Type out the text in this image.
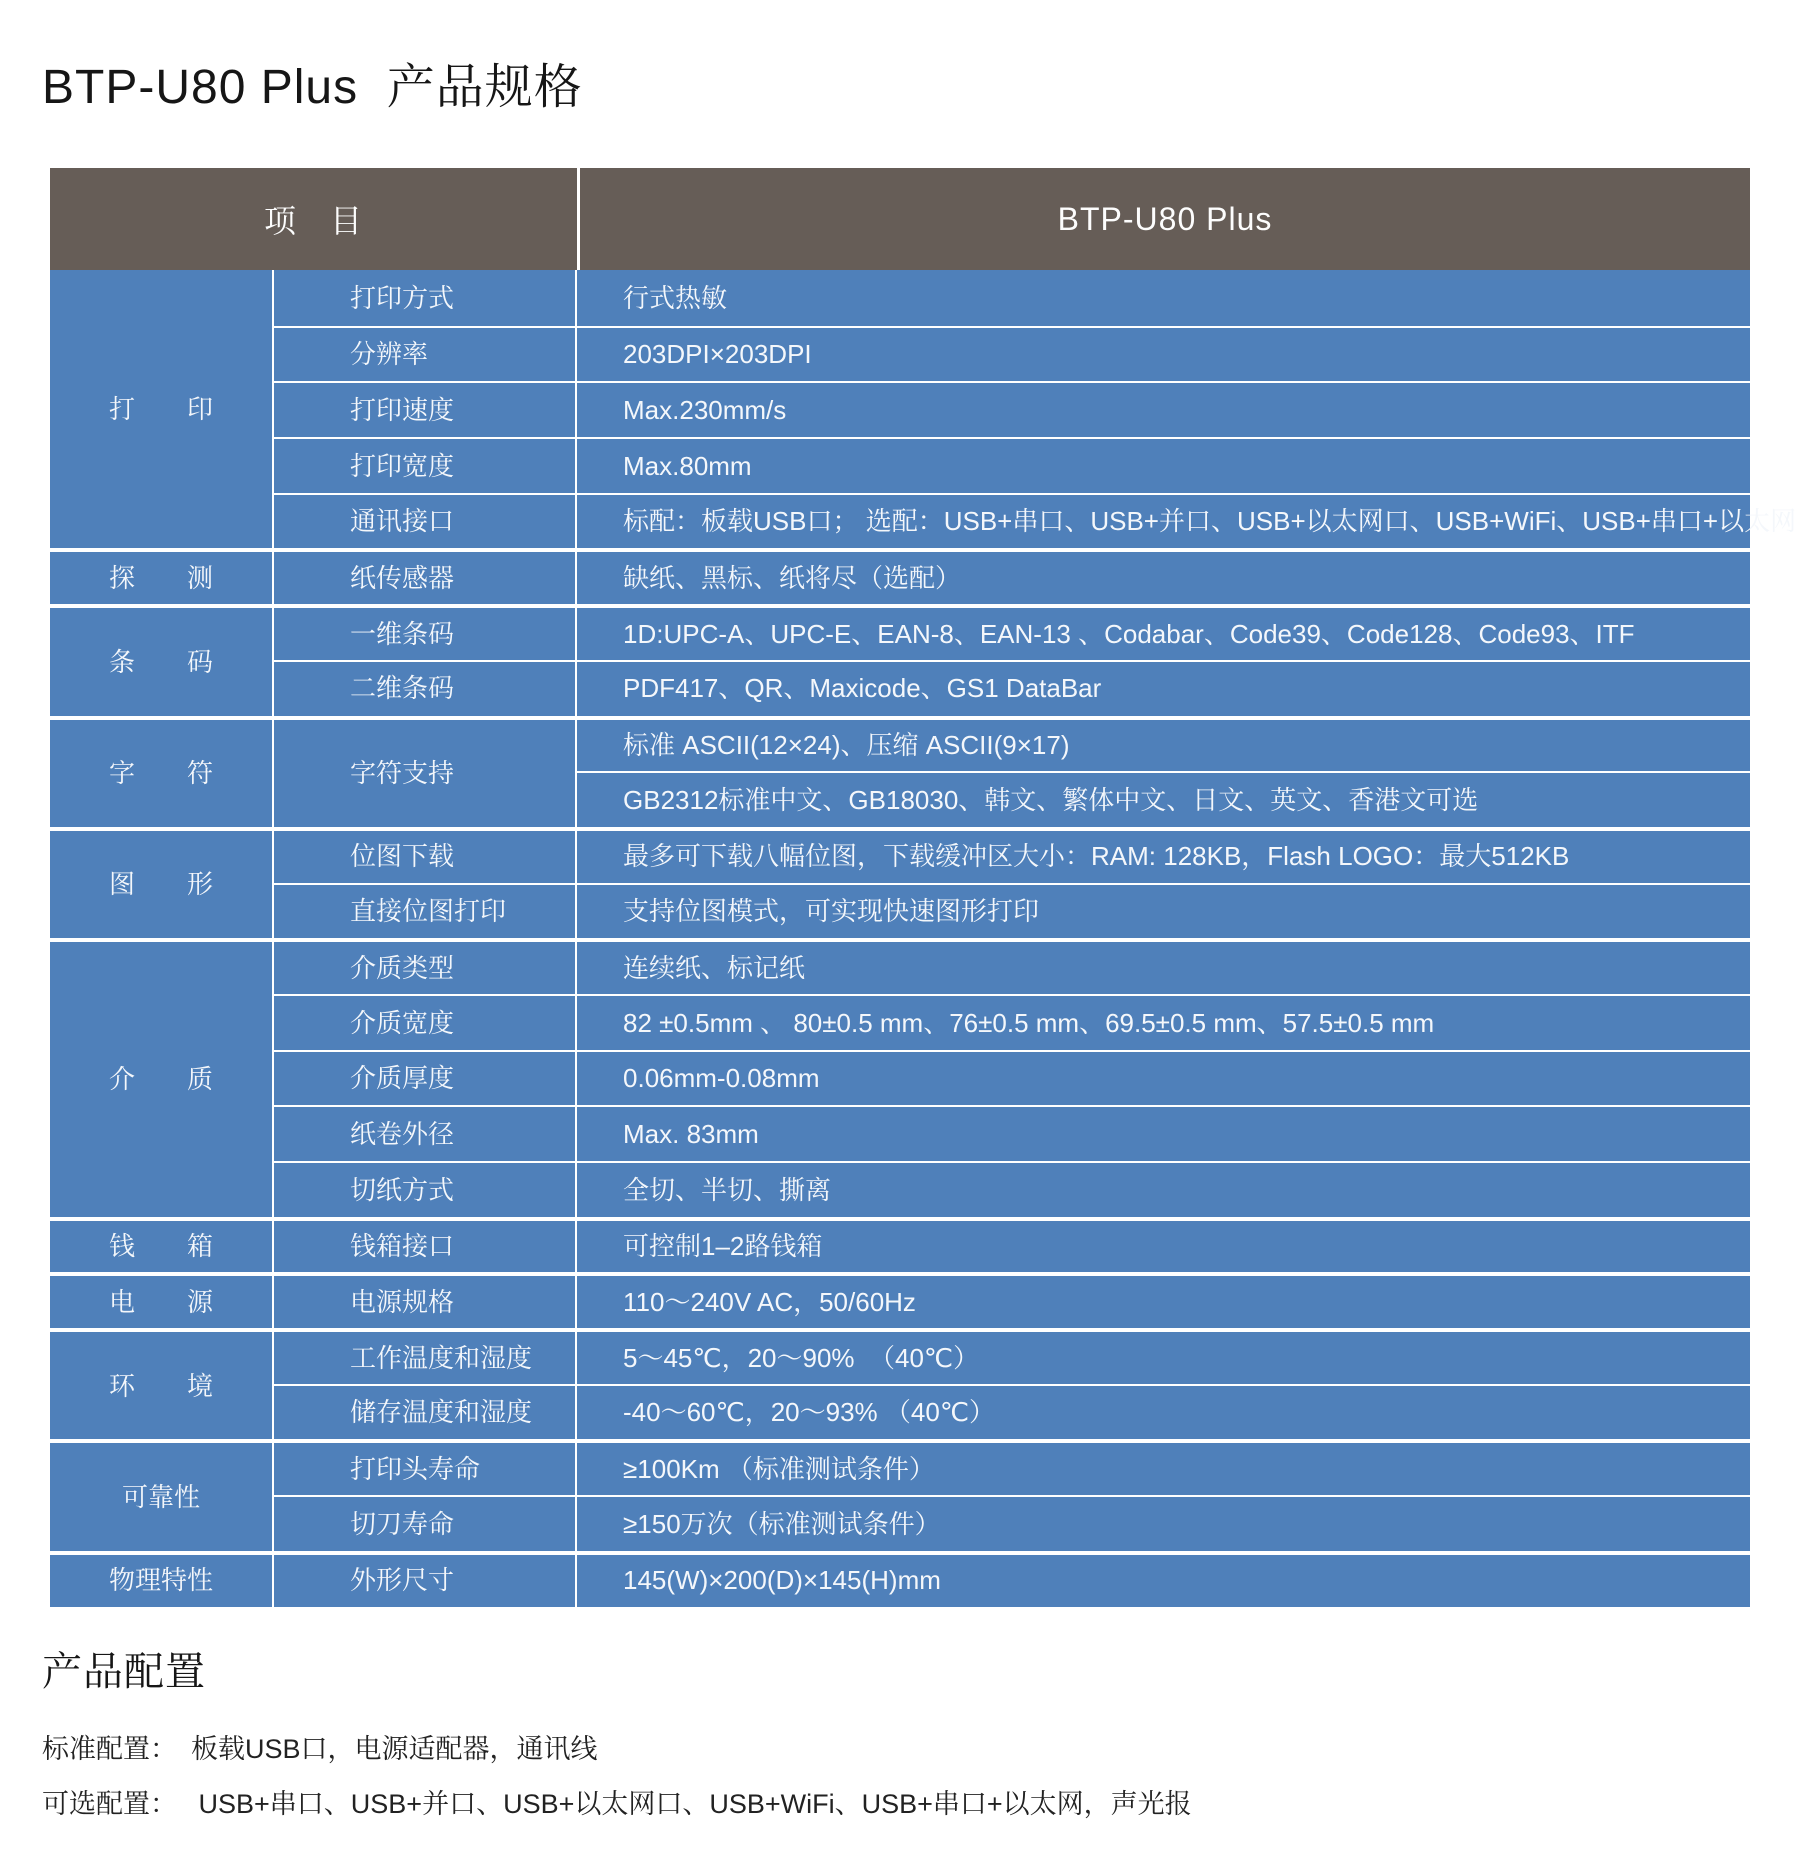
BTP-U80 Plus  产品规格
项　目		BTP-U80 Plus
打　　印	打印方式	行式热敏
	分辨率	203DPI×203DPI
	打印速度	Max.230mm/s
	打印宽度	Max.80mm
	通讯接口	标配：板载USB口； 选配：USB+串口、USB+并口、USB+以太网口、USB+WiFi、USB+串口+以太网
探　　测	纸传感器	缺纸、黑标、纸将尽（选配）
条　　码	一维条码	1D:UPC-A、UPC-E、EAN-8、EAN-13 、Codabar、Code39、Code128、Code93、ITF
	二维条码	PDF417、QR、Maxicode、GS1 DataBar
字　　符	字符支持	标准 ASCII(12×24)、压缩 ASCII(9×17)
		GB2312标准中文、GB18030、韩文、繁体中文、日文、英文、香港文可选
图　　形	位图下载	最多可下载八幅位图，下载缓冲区大小：RAM: 128KB，Flash LOGO：最大512KB
	直接位图打印	支持位图模式，可实现快速图形打印
介　　质	介质类型	连续纸、标记纸
	介质宽度	82 ±0.5mm 、 80±0.5 mm、76±0.5 mm、69.5±0.5 mm、57.5±0.5 mm
	介质厚度	0.06mm-0.08mm
	纸卷外径	Max. 83mm
	切纸方式	全切、半切、撕离
钱　　箱	钱箱接口	可控制1–2路钱箱
电　　源	电源规格	110～240V AC，50/60Hz
环　　境	工作温度和湿度	5～45℃，20～90%  （40℃）
	储存温度和湿度	-40～60℃，20～93% （40℃）
可靠性	打印头寿命	≥100Km （标准测试条件）
	切刀寿命	≥150万次（标准测试条件）
物理特性	外形尺寸	145(W)×200(D)×145(H)mm
产品配置

标准配置： 板载USB口，电源适配器，通讯线

可选配置： USB+串口、USB+并口、USB+以太网口、USB+WiFi、USB+串口+以太网，声光报
